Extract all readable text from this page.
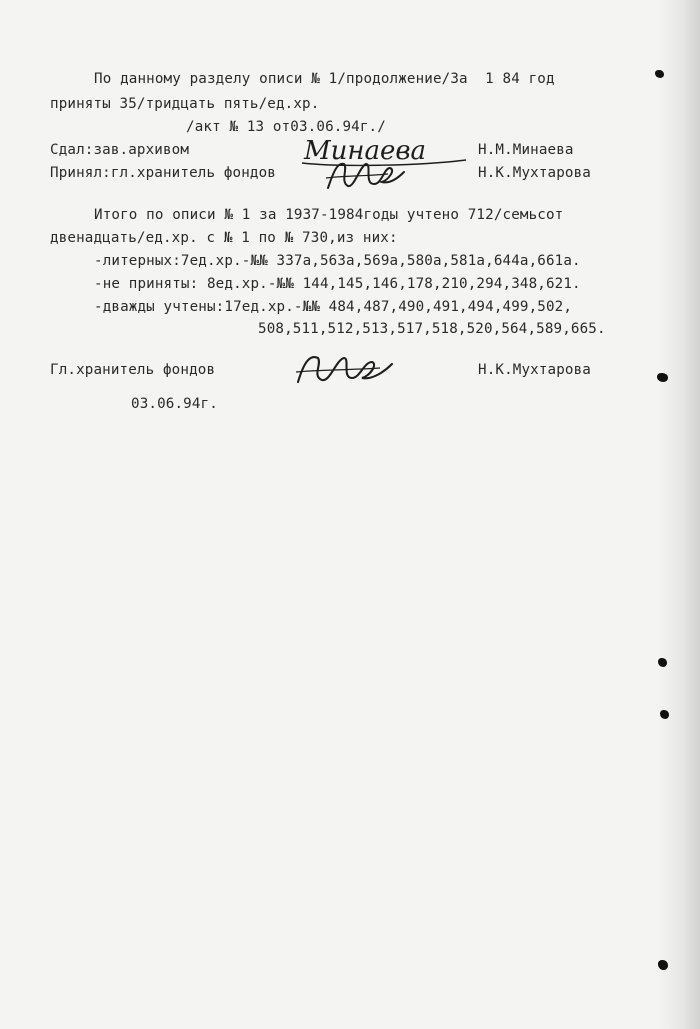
По данному разделу описи № 1/продолжение/За  1 84 год
приняты 35/тридцать пять/ед.хр.
/акт № 13 от03.06.94г./
Сдал:зав.архивом	Н.М.Минаева
Принял:гл.хранитель фондов	Н.К.Мухтарова
Минаева
Итого по описи № 1 за 1937-1984годы учтено 712/семьсот
двенадцать/ед.хр. с № 1 по № 730,из них:
-литерных:7ед.хр.-№№ 337а,563а,569а,580а,581а,644а,661а.
-не приняты: 8ед.хр.-№№ 144,145,146,178,210,294,348,621.
-дважды учтены:17ед.хр.-№№ 484,487,490,491,494,499,502,
508,511,512,513,517,518,520,564,589,665.
Гл.хранитель фондов	Н.К.Мухтарова
03.06.94г.
